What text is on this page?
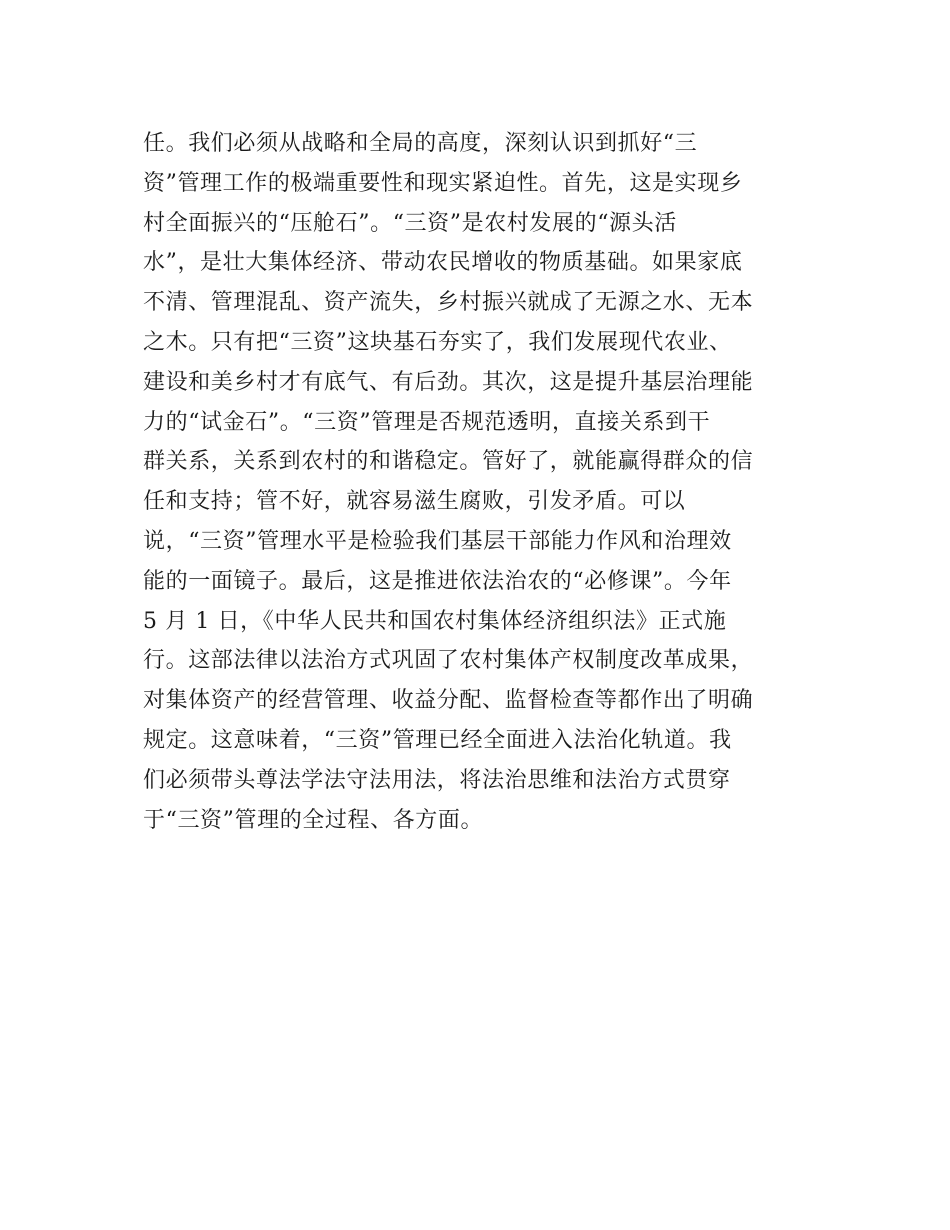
任。我们必须从战略和全局的高度，深刻认识到抓好“三
资”管理工作的极端重要性和现实紧迫性。首先，这是实现乡
村全面振兴的“压舱石”。“三资”是农村发展的“源头活
水”，是壮大集体经济、带动农民增收的物质基础。如果家底
不清、管理混乱、资产流失，乡村振兴就成了无源之水、无本
之木。只有把“三资”这块基石夯实了，我们发展现代农业、
建设和美乡村才有底气、有后劲。其次，这是提升基层治理能
力的“试金石”。“三资”管理是否规范透明，直接关系到干
群关系，关系到农村的和谐稳定。管好了，就能赢得群众的信
任和支持；管不好，就容易滋生腐败，引发矛盾。可以
说，“三资”管理水平是检验我们基层干部能力作风和治理效
能的一面镜子。最后，这是推进依法治农的“必修课”。今年
5 月 1 日，《中华人民共和国农村集体经济组织法》正式施
行。这部法律以法治方式巩固了农村集体产权制度改革成果，
对集体资产的经营管理、收益分配、监督检查等都作出了明确
规定。这意味着，“三资”管理已经全面进入法治化轨道。我
们必须带头尊法学法守法用法，将法治思维和法治方式贯穿
于“三资”管理的全过程、各方面。
